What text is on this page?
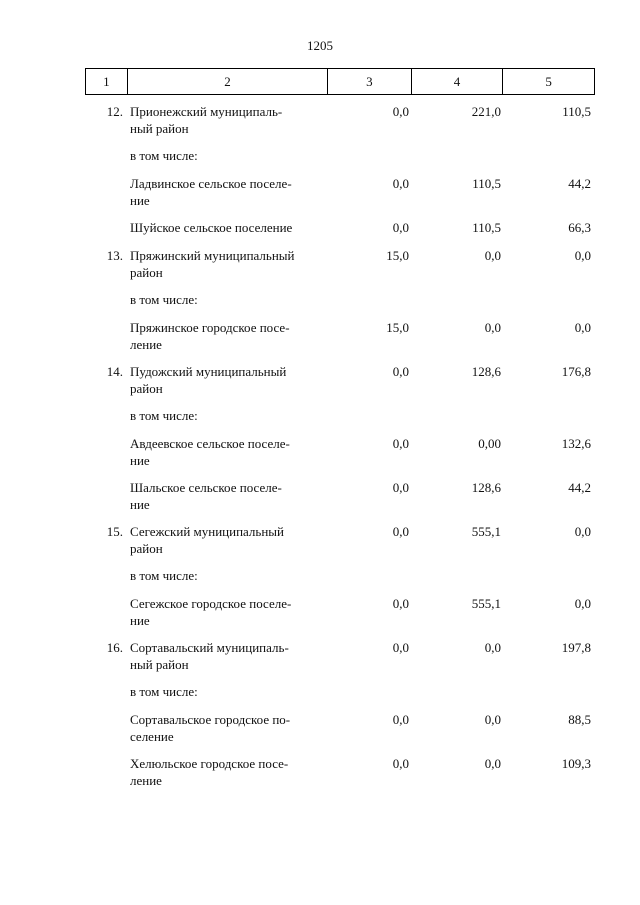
1205
1	2	3	4	5
12. Прионежский муниципаль-
ный район
0,0	221,0	110,5
в том числе:
Ладвинское сельское поселе-
ние
0,0	110,5	44,2
Шуйское сельское поселение	0,0	110,5	66,3
13. Пряжинский муниципальный
район
15,0	0,0	0,0
в том числе:
Пряжинское городское посе-
ление
15,0	0,0	0,0
14. Пудожский муниципальный
район
0,0	128,6	176,8
в том числе:
Авдеевское сельское поселе-
ние
0,0	0,00	132,6
Шальское сельское поселе-
ние
0,0	128,6	44,2
15. Сегежский муниципальный
район
0,0	555,1	0,0
в том числе:
Сегежское городское поселе-
ние
0,0	555,1	0,0
16. Сортавальский муниципаль-
ный район
0,0	0,0	197,8
в том числе:
Сортавальское городское по-
селение
0,0	0,0	88,5
Хелюльское городское посе-
ление
0,0	0,0	109,3
